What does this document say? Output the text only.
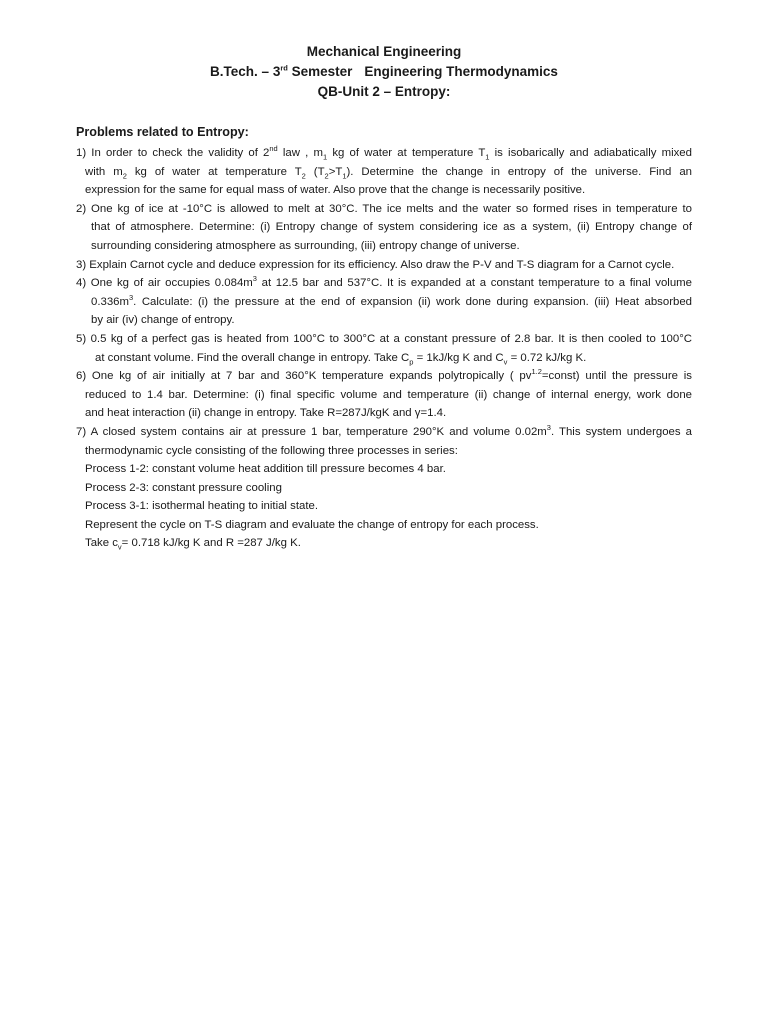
Mechanical Engineering

B.Tech. – 3rd Semester Engineering Thermodynamics

QB-Unit 2 – Entropy:

Problems related to Entropy:

1) In order to check the validity of 2nd law , $m_1$ kg of water at temperature $T_1$ is isobarically and adiabatically mixed
with $m_2$ kg of water at temperature $T_2$ $(T_2>T_1)$. Determine the change in entropy of the universe. Find an
expression for the same for equal mass of water. Also prove that the change is necessarily positive.
2) One kg of ice at -10°C is allowed to melt at 30°C. The ice melts and the water so formed rises in temperature to
that of atmosphere. Determine: (i) Entropy change of system considering ice as a system, (ii) Entropy change of
surrounding considering atmosphere as surrounding, (iii) entropy change of universe.
3) Explain Carnot cycle and deduce expression for its efficiency. Also draw the P-V and T-S diagram for a Carnot cycle.
4) One kg of air occupies $0.084m^3$ at 12.5 bar and 537°C. It is expanded at a constant temperature to a final volume
$0.336m^3$. Calculate: (i) the pressure at the end of expansion (ii) work done during expansion. (iii) Heat absorbed
by air (iv) change of entropy.
5) 0.5 kg of a perfect gas is heated from 100°C to 300°C at a constant pressure of 2.8 bar. It is then cooled to 100°C
at constant volume. Find the overall change in entropy. Take $C_p = 1kJ/kg$ K and $C_v = 0.72$ kJ/kg K.
6) One kg of air initially at 7 bar and 360°K temperature expands polytropically ( $pv^{1.2}=const$) until the pressure is
reduced to 1.4 bar. Determine: (i) final specific volume and temperature (ii) change of internal energy, work done
and heat interaction (ii) change in entropy. Take R=287J/kgK and γ=1.4.
7) A closed system contains air at pressure 1 bar, temperature 290°K and volume $0.02m^3$. This system undergoes a
thermodynamic cycle consisting of the following three processes in series:
Process 1-2: constant volume heat addition till pressure becomes 4 bar.
Process 2-3: constant pressure cooling
Process 3-1: isothermal heating to initial state.
Represent the cycle on T-S diagram and evaluate the change of entropy for each process.
Take $c_v= 0.718$ kJ/kg K and R =287 J/kg K.
